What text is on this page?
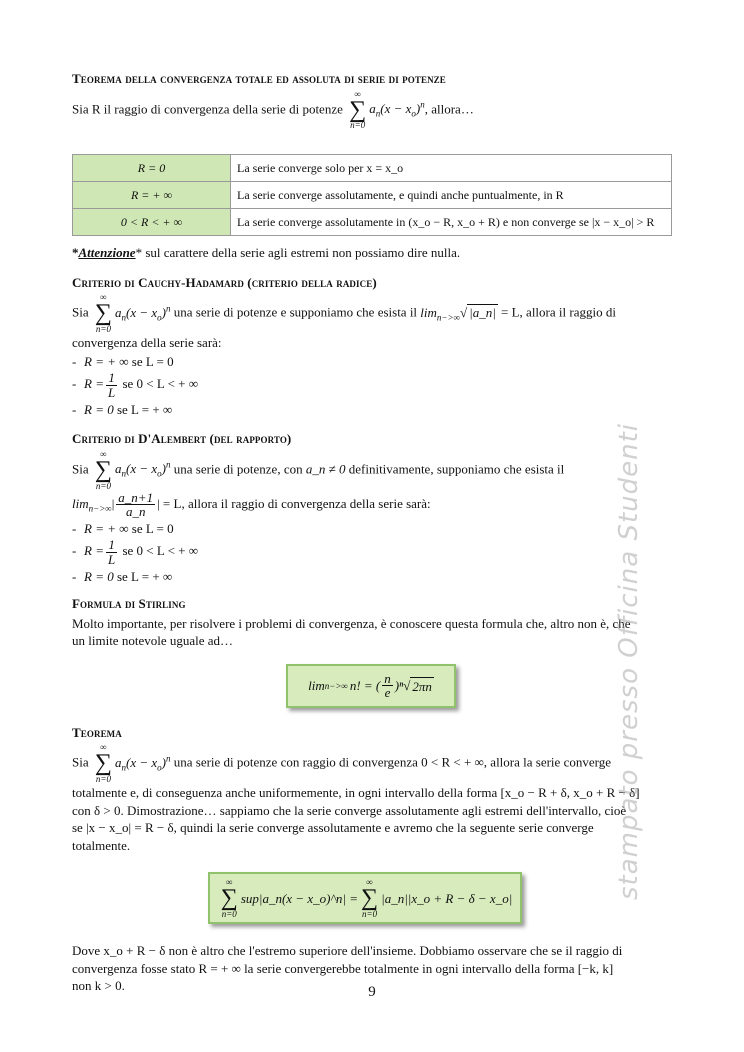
Teorema della convergenza totale ed assoluta di serie di potenze
Sia R il raggio di convergenza della serie di potenze
∞
∑
n=0
$a_n(x - x_o)^n$, allora…
R = 0	La serie converge solo per x = x_o
R = + ∞	La serie converge assolutamente, e quindi anche puntualmente, in R
0 < R < + ∞	La serie converge assolutamente in (x_o − R, x_o + R) e non converge se |x − x_o| > R
*Attenzione* sul carattere della serie agli estremi non possiamo dire nulla.
Criterio di Cauchy-Hadamard (criterio della radice)
Sia
∞
∑
n=0
$a_n(x - x_o)^n$ una serie di potenze e supponiamo che esista il $\lim_{n->\infty}√$ |a_n| = L, allora il raggio di
convergenza della serie sarà:
- R = + ∞ se L = 0
- $R = \frac{1}{L}$ se 0 < L < + ∞
- R = 0 se L = + ∞
Criterio di D'Alembert (del rapporto)
Sia
∞
∑
n=0
$a_n(x - x_o)^n$ una serie di potenze, con a_n ≠ 0 definitivamente, supponiamo che esista il
$\lim_{n->\infty}| \frac{a\_n+1}{a\_n}$ | = L, allora il raggio di convergenza della serie sarà:
- R = + ∞ se L = 0
- $R = \frac{1}{L}$ se 0 < L < + ∞
- R = 0 se L = + ∞
Formula di Stirling
Molto importante, per risolvere i problemi di convergenza, è conoscere questa formula che, altro non è, che
un limite notevole uguale ad…
lim n−>∞ n! = ( $\frac{n}{e} )^n$ √ 2πn
Teorema
Sia
∞
∑
n=0
$a_n(x - x_o)^n$ una serie di potenze con raggio di convergenza 0 < R < + ∞, allora la serie converge
totalmente e, di conseguenza anche uniformemente, in ogni intervallo della forma [x_o − R + δ, x_o + R − δ]
con δ > 0. Dimostrazione… sappiamo che la serie converge assolutamente agli estremi dell'intervallo, cioè
se |x − x_o| = R − δ, quindi la serie converge assolutamente e avremo che la seguente serie converge
totalmente.
∞
∑
n=0
sup|a_n(x − x_o)^n| =
∞
∑
n=0
|a_n||x_o + R − δ − x_o|
Dove x_o + R − δ non è altro che l'estremo superiore dell'insieme. Dobbiamo osservare che se il raggio di
convergenza fosse stato R = + ∞ la serie convergerebbe totalmente in ogni intervallo della forma [−k, k]
non k > 0.
stampato presso Officina Studenti
9
